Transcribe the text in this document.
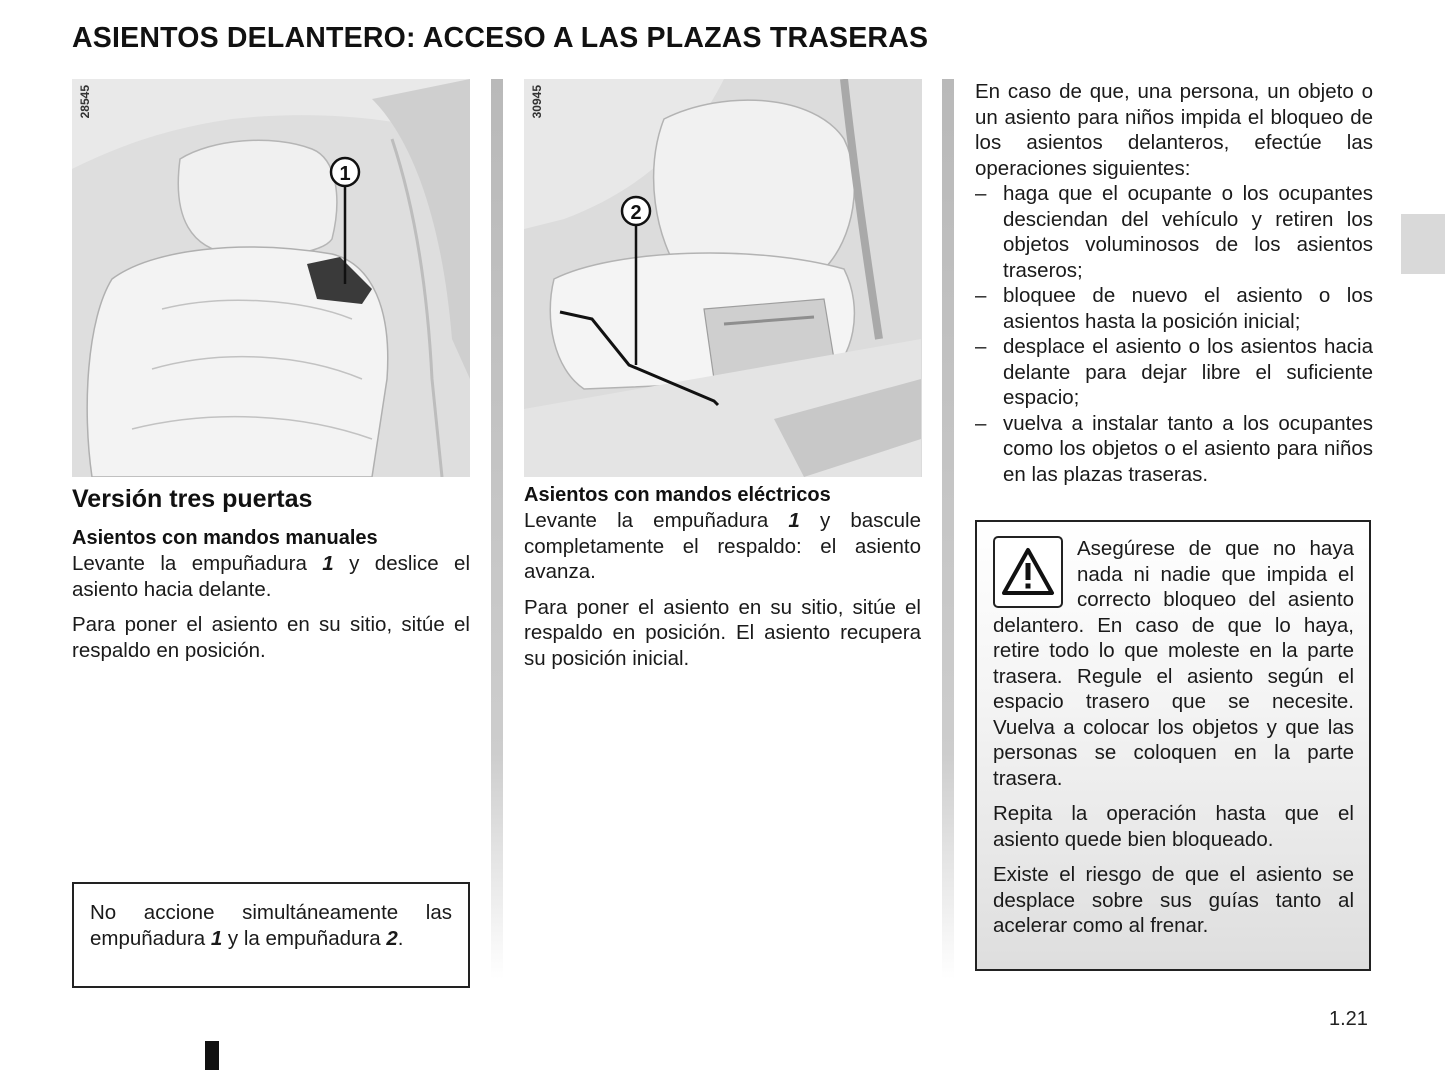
ASIENTOS DELANTERO: ACCESO A LAS PLAZAS TRASERAS
1
28545
Versión tres puertas
Asientos con mandos manuales

Levante la empuñadura 1 y deslice el asiento hacia delante.

Para poner el asiento en su sitio, sitúe el respaldo en posición.

No accione simultáneamente las empuñadura 1 y la empuñadura 2.

2
30945
Asientos con mandos eléctricos

Levante la empuñadura 1 y bascule completamente el respaldo: el asiento avanza.

Para poner el asiento en su sitio, sitúe el respaldo en posición. El asiento recupera su posición inicial.

En caso de que, una persona, un objeto o un asiento para niños impida el bloqueo de los asientos delanteros, efectúe las operaciones siguientes:

– haga que el ocupante o los ocupantes desciendan del vehículo y retiren los objetos voluminosos de los asientos traseros;
– bloquee de nuevo el asiento o los asientos hasta la posición inicial;
– desplace el asiento o los asientos hacia delante para dejar libre el suficiente espacio;
– vuelva a instalar tanto a los ocupantes como los objetos o el asiento para niños en las plazas traseras.

Asegúrese de que no haya nada ni nadie que impida el correcto bloqueo del asiento delantero. En caso de que lo haya, retire todo lo que moleste en la parte trasera. Regule el asiento según el espacio trasero que se necesite. Vuelva a colocar los objetos y que las personas se coloquen en la parte trasera.

Repita la operación hasta que el asiento quede bien bloqueado.

Existe el riesgo de que el asiento se desplace sobre sus guías tanto al acelerar como al frenar.

1.21
